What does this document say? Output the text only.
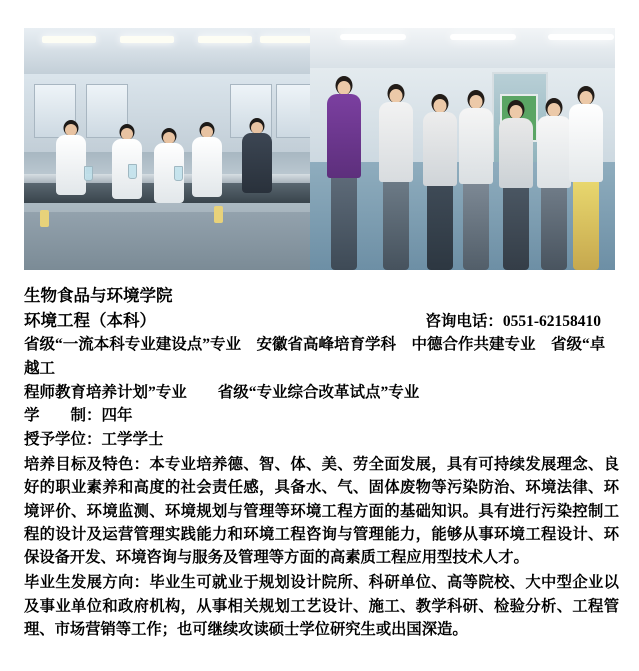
生物食品与环境学院
环境工程（本科）	咨询电话：0551-62158410
省级“一流本科专业建设点”专业　安徽省高峰培育学科　中德合作共建专业　省级“卓越工
程师教育培养计划”专业　　省级“专业综合改革试点”专业
学　　制：四年
授予学位：工学学士
培养目标及特色：本专业培养德、智、体、美、劳全面发展，具有可持续发展理念、良好的职业素养和高度的社会责任感，具备水、气、固体废物等污染防治、环境法律、环境评价、环境监测、环境规划与管理等环境工程方面的基础知识。具有进行污染控制工程的设计及运营管理实践能力和环境工程咨询与管理能力，能够从事环境工程设计、环保设备开发、环境咨询与服务及管理等方面的高素质工程应用型技术人才。
毕业生发展方向：毕业生可就业于规划设计院所、科研单位、高等院校、大中型企业以及事业单位和政府机构，从事相关规划工艺设计、施工、教学科研、检验分析、工程管理、市场营销等工作；也可继续攻读硕士学位研究生或出国深造。
